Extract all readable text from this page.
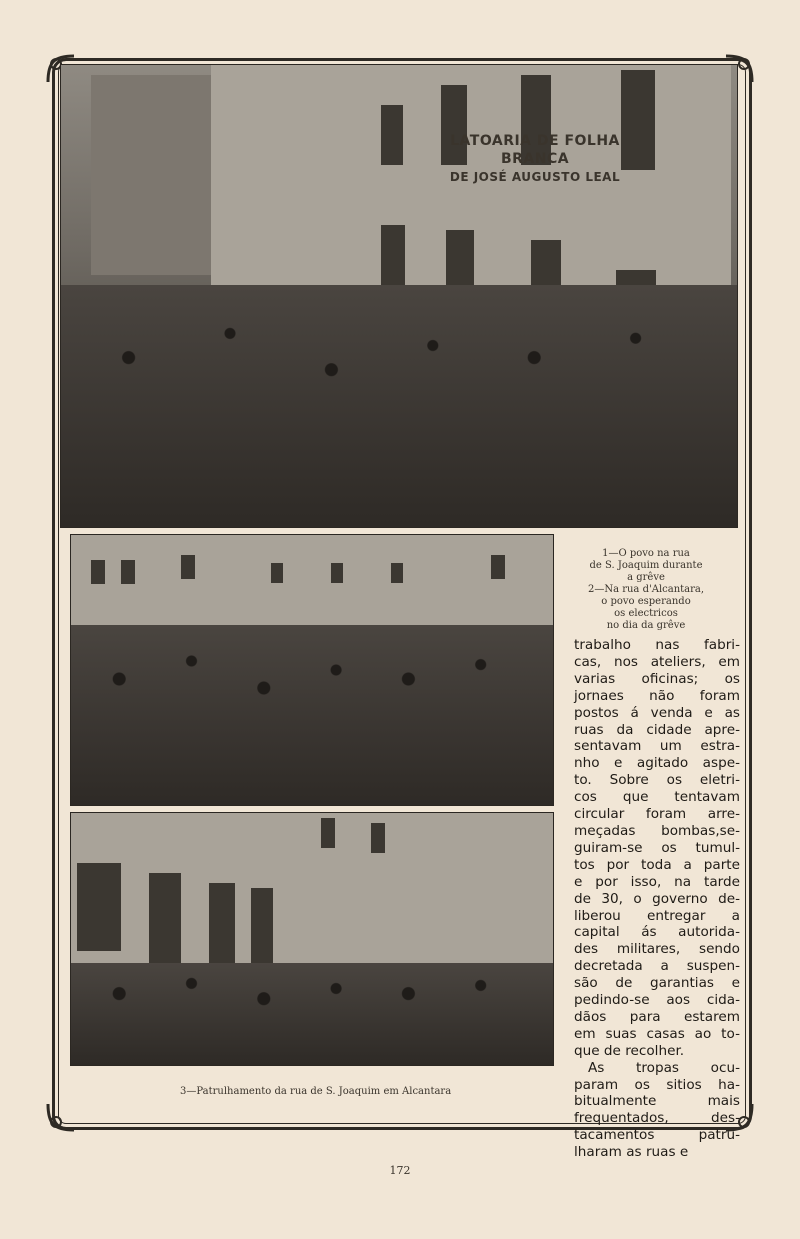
LATOARIA DE FOLHA BRANCA
DE JOSÉ AUGUSTO LEAL
1—O povo na rua
de S. Joaquim durante
a grêve
2—Na rua d'Alcantara,
o povo esperando
os electricos
no dia da grêve
trabalho nas fabri-
cas, nos ateliers, em
varias oficinas; os
jornaes não foram
postos á venda e as
ruas da cidade apre-
sentavam um estra-
nho e agitado aspe-
to. Sobre os eletri-
cos que tentavam
circular foram arre-
meçadas bombas,se-
guiram-se os tumul-
tos por toda a parte
e por isso, na tarde
de 30, o governo de-
liberou entregar a
capital ás autorida-
des militares, sendo
decretada a suspen-
são de garantias e
pedindo-se aos cida-
dãos para estarem
em suas casas ao to-
que de recolher.
As tropas ocu-
param os sitios ha-
bitualmente mais
frequentados, des-
tacamentos patru-
lharam as ruas e
3—Patrulhamento da rua de S. Joaquim em Alcantara
172
